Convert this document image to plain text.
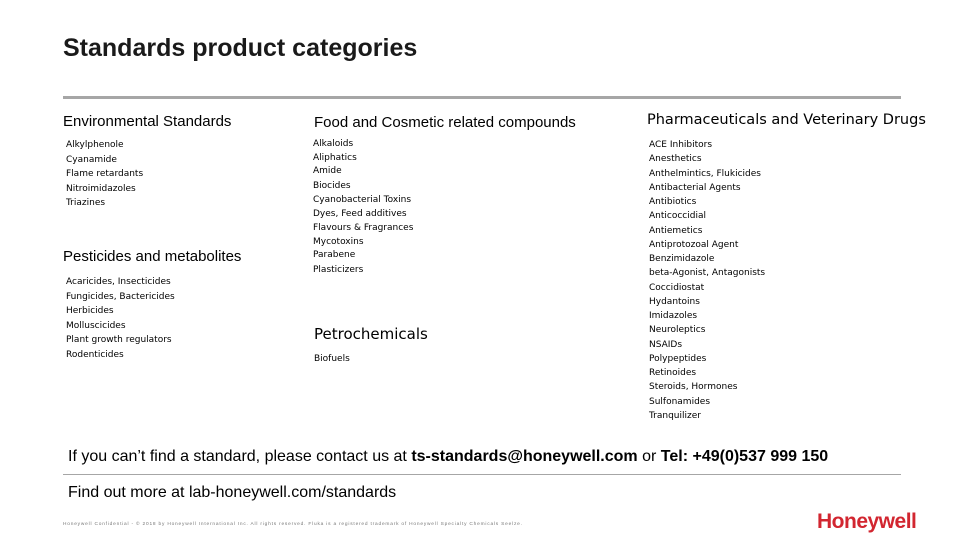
Standards product categories
Environmental Standards
Alkylphenole
Cyanamide
Flame retardants
Nitroimidazoles
Triazines
Pesticides and metabolites
Acaricides, Insecticides
Fungicides, Bactericides
Herbicides
Molluscicides
Plant growth regulators
Rodenticides
Food and Cosmetic related compounds
Alkaloids
Aliphatics
Amide
Biocides
Cyanobacterial Toxins
Dyes, Feed additives
Flavours & Fragrances
Mycotoxins
Parabene
Plasticizers
Petrochemicals
Biofuels
Pharmaceuticals and Veterinary Drugs
ACE Inhibitors
Anesthetics
Anthelmintics, Flukicides
Antibacterial Agents
Antibiotics
Anticoccidial
Antiemetics
Antiprotozoal Agent
Benzimidazole
beta-Agonist, Antagonists
Coccidiostat
Hydantoins
Imidazoles
Neuroleptics
NSAIDs
Polypeptides
Retinoides
Steroids, Hormones
Sulfonamides
Tranquilizer
If you can’t find a standard, please contact us at ts-standards@honeywell.com or Tel: +49(0)537 999 150
Find out more at lab-honeywell.com/standards
Honeywell Confidential - © 2018 by Honeywell International Inc. All rights reserved. Fluka is a registered trademark of Honeywell Specialty Chemicals Seelze.	Honeywell
